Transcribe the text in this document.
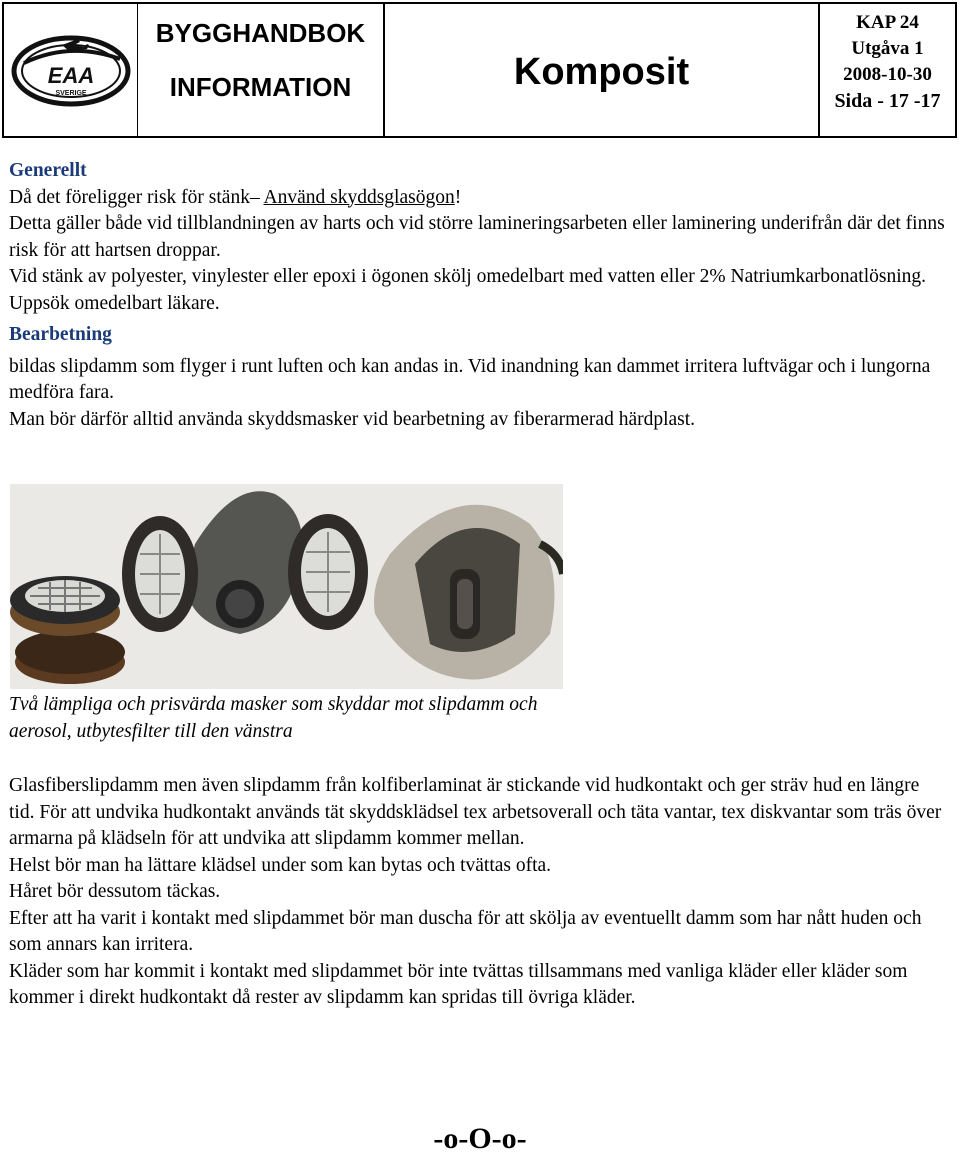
EAA
SVERIGE
BYGGHANDBOK
INFORMATION	Komposit
KAP 24
Utgåva 1
2008-10-30
Sida - 17 -17

Generellt

Då det föreligger risk för stänk– Använd skyddsglasögon!

Detta gäller både vid tillblandningen av harts och vid större lamineringsarbeten eller laminering underifrån där det finns risk för att hartsen droppar.

Vid stänk av polyester, vinylester eller epoxi i ögonen skölj omedelbart med vatten eller 2% Natriumkarbonatlösning. Uppsök omedelbart läkare.

Bearbetning

bildas slipdamm som flyger i runt luften och kan andas in. Vid inandning kan dammet irritera luftvägar och i lungorna medföra fara.

Man bör därför alltid använda skyddsmasker vid bearbetning av fiberarmerad härdplast.

Två lämpliga och prisvärda masker som skyddar mot slipdamm och
aerosol, utbytesfilter till den vänstra

Glasfiberslipdamm men även slipdamm från kolfiberlaminat är stickande vid hudkontakt och ger sträv hud en längre tid. För att undvika hudkontakt används tät skyddsklädsel tex arbetsoverall och täta vantar, tex diskvantar som träs över armarna på klädseln för att undvika att slipdamm kommer mellan.

Helst bör man ha lättare klädsel under som kan bytas och tvättas ofta.

Håret bör dessutom täckas.

Efter att ha varit i kontakt med slipdammet bör man duscha för att skölja av eventuellt damm som har nått huden och som annars kan irritera.

Kläder som har kommit i kontakt med slipdammet bör inte tvättas tillsammans med vanliga kläder eller kläder som kommer i direkt hudkontakt då rester av slipdamm kan spridas till övriga kläder.

-o-O-o-
